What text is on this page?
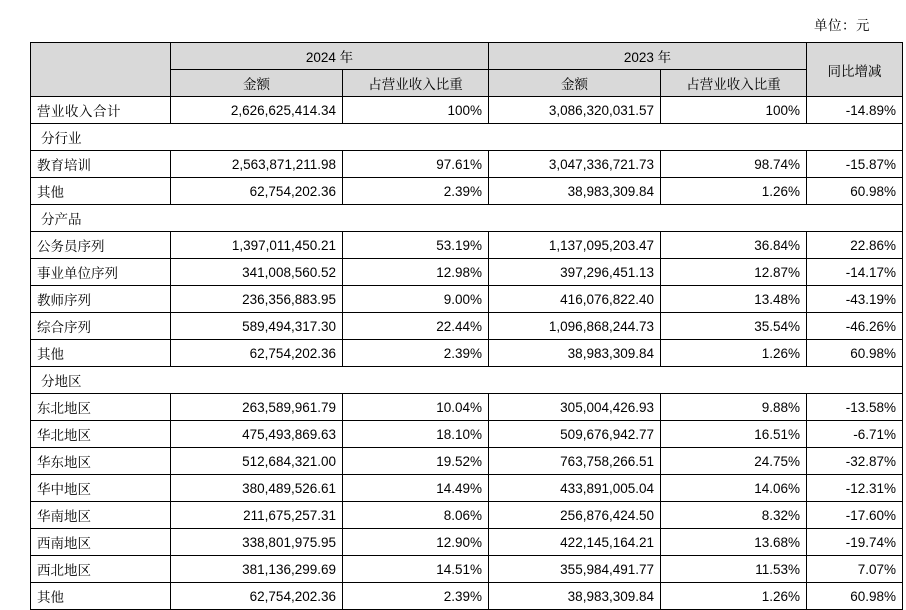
单位：元
	2024 年		2023 年		同比增减
	金额	占营业收入比重	金额	占营业收入比重	
营业收入合计	2,626,625,414.34	100%	3,086,320,031.57	100%	-14.89%
分行业					
教育培训	2,563,871,211.98	97.61%	3,047,336,721.73	98.74%	-15.87%
其他	62,754,202.36	2.39%	38,983,309.84	1.26%	60.98%
分产品					
公务员序列	1,397,011,450.21	53.19%	1,137,095,203.47	36.84%	22.86%
事业单位序列	341,008,560.52	12.98%	397,296,451.13	12.87%	-14.17%
教师序列	236,356,883.95	9.00%	416,076,822.40	13.48%	-43.19%
综合序列	589,494,317.30	22.44%	1,096,868,244.73	35.54%	-46.26%
其他	62,754,202.36	2.39%	38,983,309.84	1.26%	60.98%
分地区					
东北地区	263,589,961.79	10.04%	305,004,426.93	9.88%	-13.58%
华北地区	475,493,869.63	18.10%	509,676,942.77	16.51%	-6.71%
华东地区	512,684,321.00	19.52%	763,758,266.51	24.75%	-32.87%
华中地区	380,489,526.61	14.49%	433,891,005.04	14.06%	-12.31%
华南地区	211,675,257.31	8.06%	256,876,424.50	8.32%	-17.60%
西南地区	338,801,975.95	12.90%	422,145,164.21	13.68%	-19.74%
西北地区	381,136,299.69	14.51%	355,984,491.77	11.53%	7.07%
其他	62,754,202.36	2.39%	38,983,309.84	1.26%	60.98%
